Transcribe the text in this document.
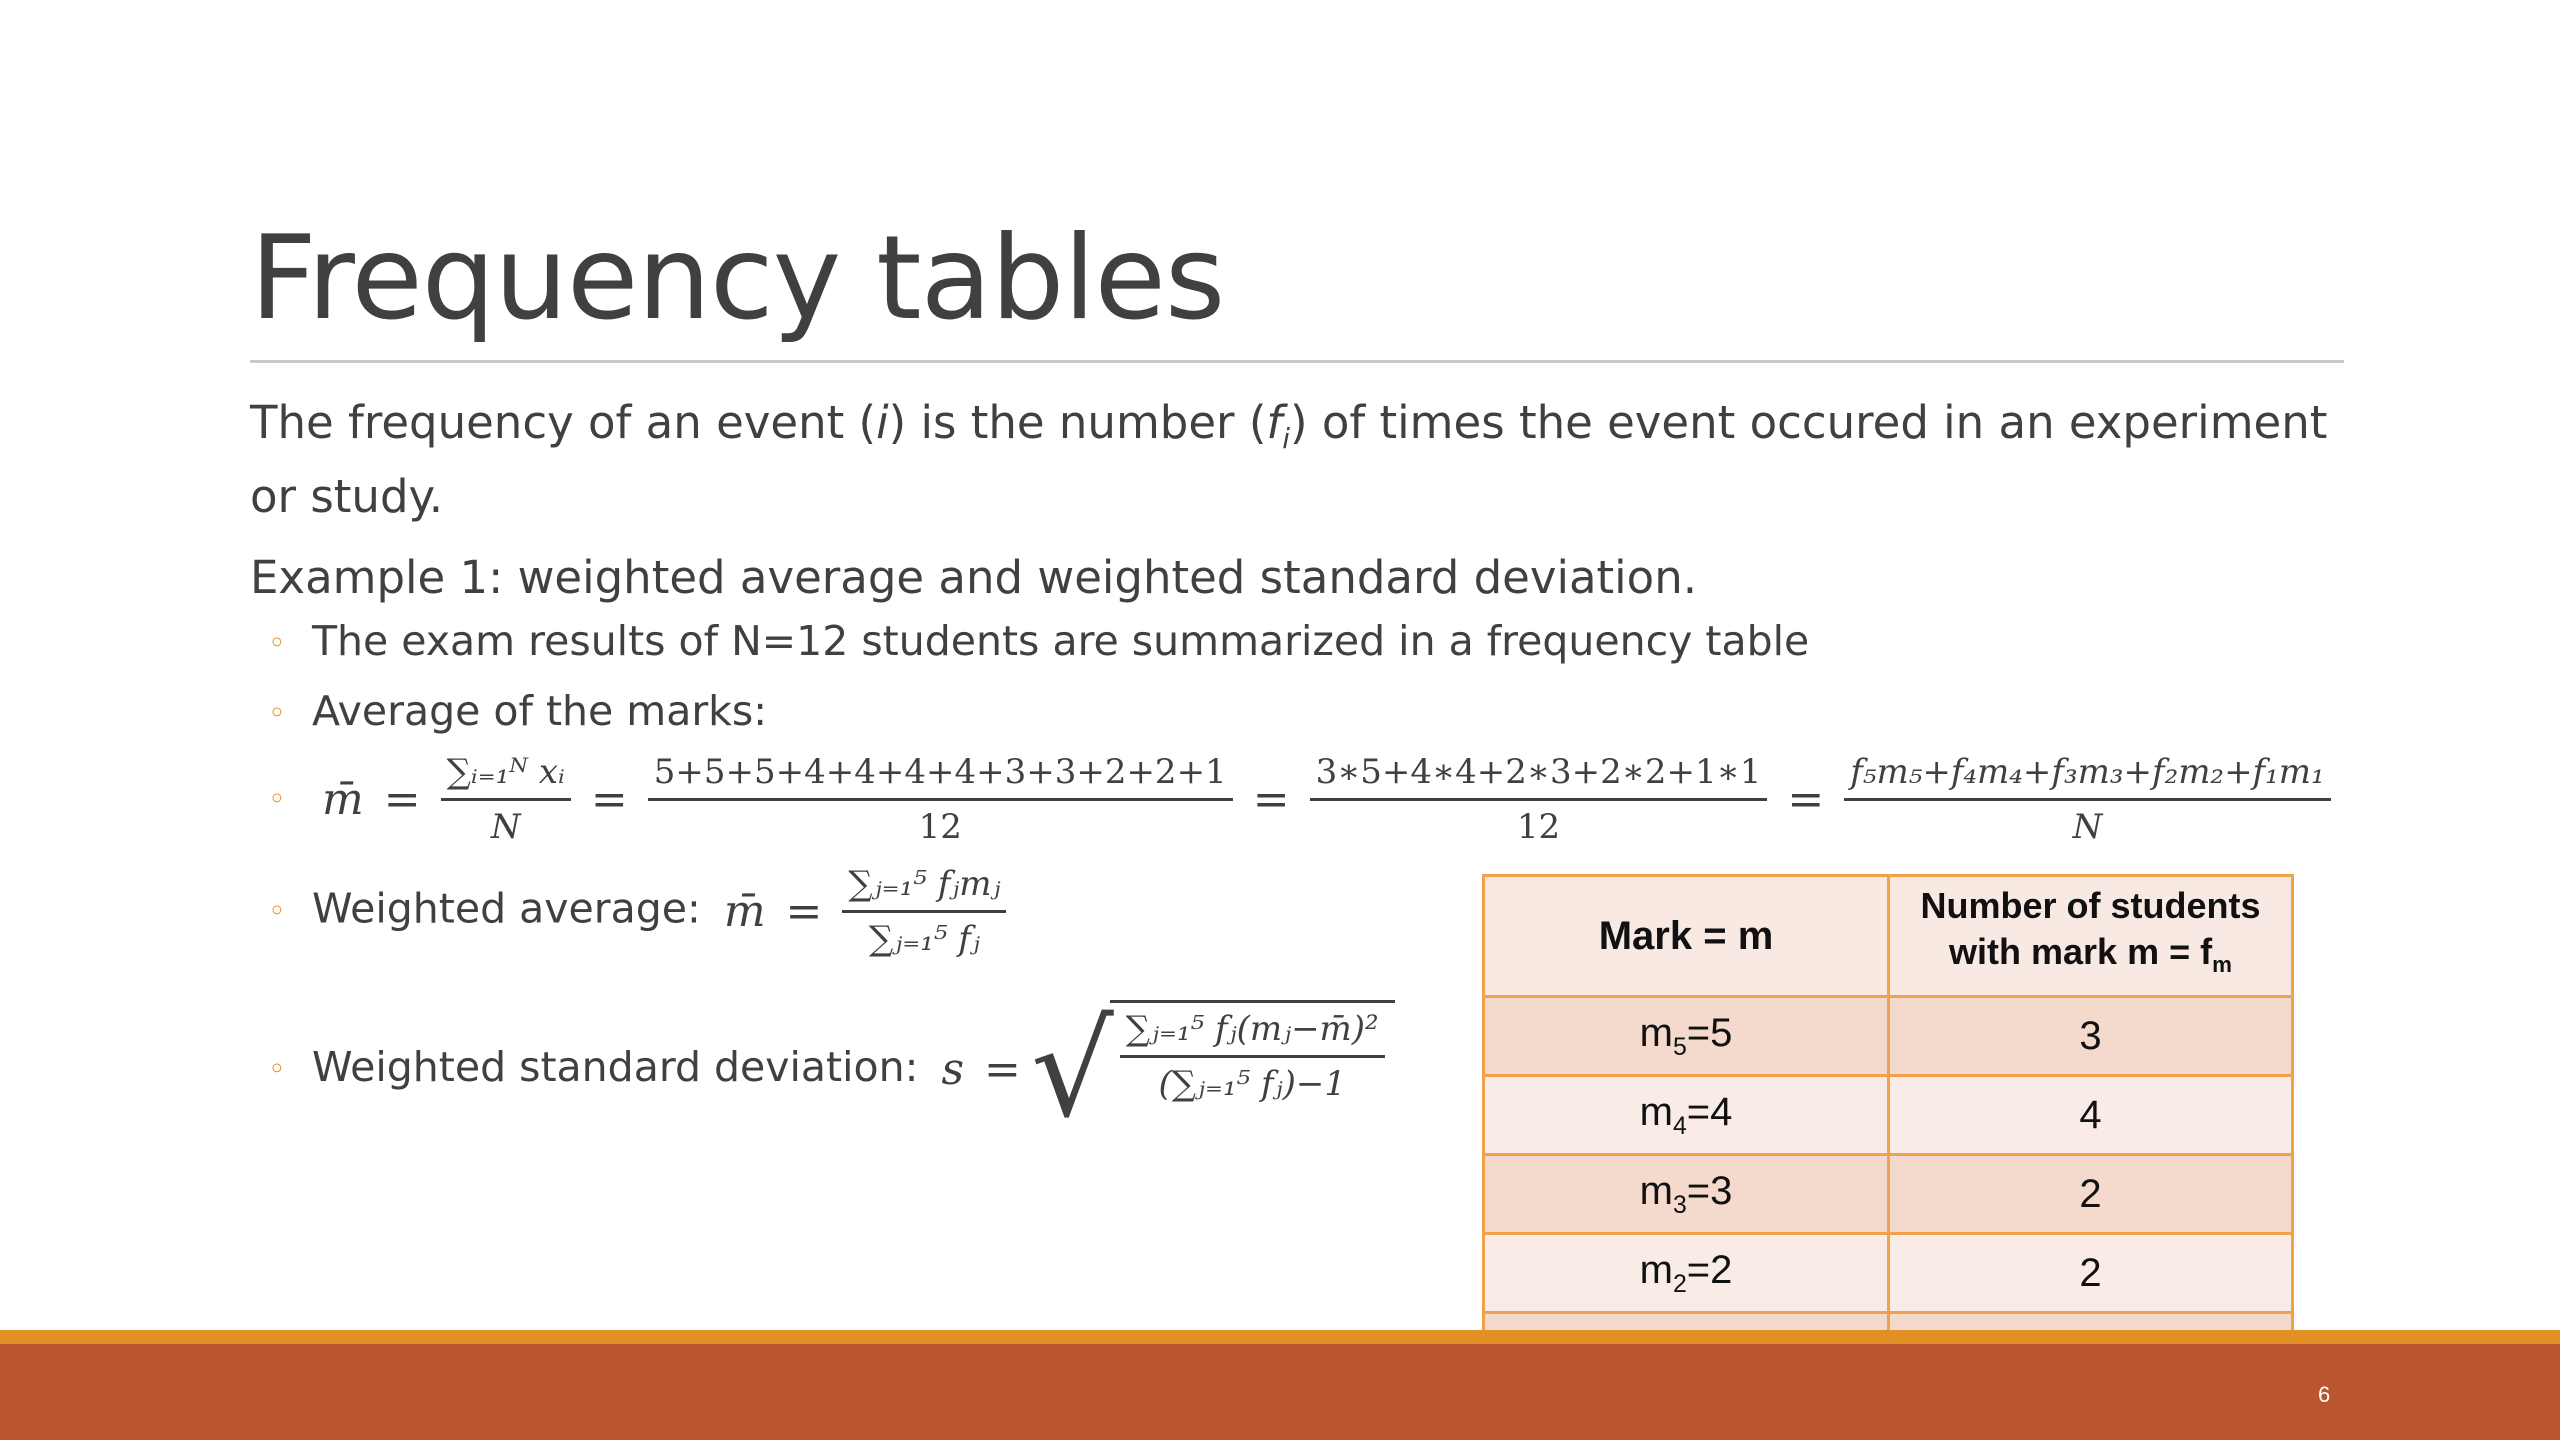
Frequency tables
The frequency of an event (i) is the number $(f_i)$ of times the event occured in an experiment or study.
Example 1: weighted average and weighted standard deviation.
◦ The exam results of N=12 students are summarized in a frequency table
◦ Average of the marks:
◦ m̄ = $\frac{\text{∑ᵢ₌₁ᴺ xᵢ}}{N} = \frac{5+5+5+4+4+4+4+3+3+2+2+1}{12} = \frac{3∗5+4∗4+2∗3+2∗2+1∗1}{12} = \frac{\text{f₅m₅+f₄m₄+f₃m₃+f₂m₂+f₁m₁}}{N}$
◦ Weighted average: m̄ = $\frac{\text{∑ⱼ₌₁⁵ fⱼmⱼ}}{\text{∑ⱼ₌₁⁵ fⱼ}}$
◦ Weighted standard deviation: s = √ $\frac{\text{∑ⱼ₌₁⁵ fⱼ(mⱼ−m̄)²}}{\text{(∑ⱼ₌₁⁵ fⱼ)−1}}$
Mark = m	Number of students
with mark $m = f_m$
$m_5=5$	3
$m_4=4$	4
$m_3=3$	2
$m_2=2$	2

6
